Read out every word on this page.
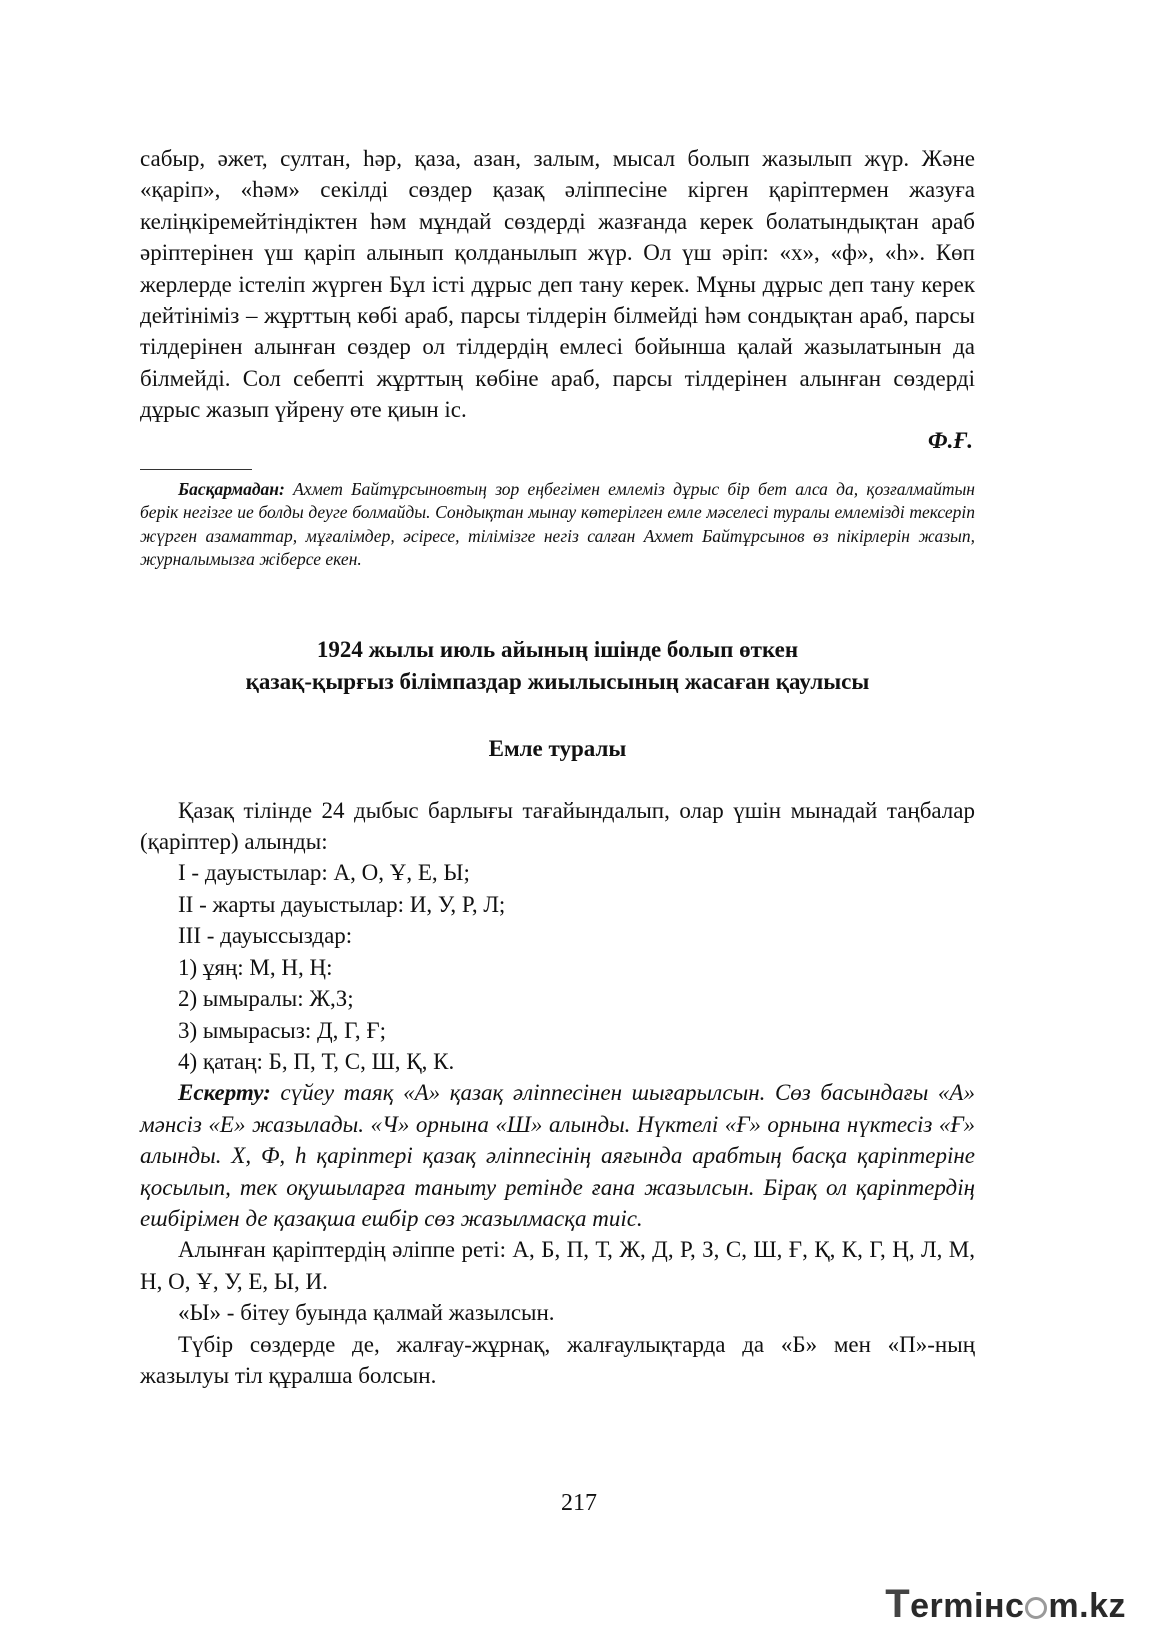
сабыр, әжет, султан, һәр, қаза, азан, залым, мысал болып жазылып жүр. Және «қаріп», «һәм» секілді сөздер қазақ әліппесіне кірген қаріптермен жазуға келіңкіремейтіндіктен һәм мұндай сөздерді жазғанда керек болатындықтан араб әріптерінен үш қаріп алынып қолданылып жүр. Ол үш әріп: «х», «ф», «һ». Көп жерлерде істеліп жүрген Бұл істі дұрыс деп тану керек. Мұны дұрыс деп тану керек дейтініміз – жұрттың көбі араб, парсы тілдерін білмейді һәм сондықтан араб, парсы тілдерінен алынған сөздер ол тілдердің емлесі бойынша қалай жазылатынын да білмейді. Сол себепті жұрттың көбіне араб, парсы тілдерінен алынған сөздерді дұрыс жазып үйрену өте қиын іс.

Ф.Ғ.

Басқармадан: Ахмет Байтұрсыновтың зор еңбегімен емлеміз дұрыс бір бет алса да, қозғалмайтын берік негізге ие болды деуге болмайды. Сондықтан мынау көтерілген емле мәселесі туралы емлемізді тексеріп жүрген азаматтар, мұғалімдер, әсіресе, тілімізге негіз салған Ахмет Байтұрсынов өз пікірлерін жазып, журналымызға жіберсе екен.

1924 жылы июль айының ішінде болып өткен

қазақ-қырғыз білімпаздар жиылысының жасаған қаулысы

Емле туралы

Қазақ тілінде 24 дыбыс барлығы тағайындалып, олар үшін мынадай таңбалар (қаріптер) алынды:

I - дауыстылар: А, О, Ұ, Е, Ы;

II - жарты дауыстылар: И, У, Р, Л;

III - дауыссыздар:

1) ұяң: М, Н, Ң:

2) ымыралы: Ж,З;

3) ымырасыз: Д, Г, Ғ;

4) қатаң: Б, П, Т, С, Ш, Қ, К.

Ескерту: сүйеу таяқ «А» қазақ әліппесінен шығарылсын. Сөз басындағы «А» мәнсіз «Е» жазылады. «Ч» орнына «Ш» алынды. Нүктелі «Ғ» орнына нүктесіз «Ғ» алынды. Х, Ф, һ қаріптері қазақ әліппесінің аяғында арабтың басқа қаріптеріне қосылып, тек оқушыларға таныту ретінде ғана жазылсын. Бірақ ол қаріптердің ешбірімен де қазақша ешбір сөз жазылмасқа тиіс.

Алынған қаріптердің әліппе реті: А, Б, П, Т, Ж, Д, Р, З, С, Ш, Ғ, Қ, К, Г, Ң, Л, М, Н, О, Ұ, У, Е, Ы, И.

«Ы» - бітеу буында қалмай жазылсын.

Түбір сөздерде де, жалғау-жұрнақ, жалғаулықтарда да «Б» мен «П»-ның жазылуы тіл құралша болсын.

217
Termінс m.kz
